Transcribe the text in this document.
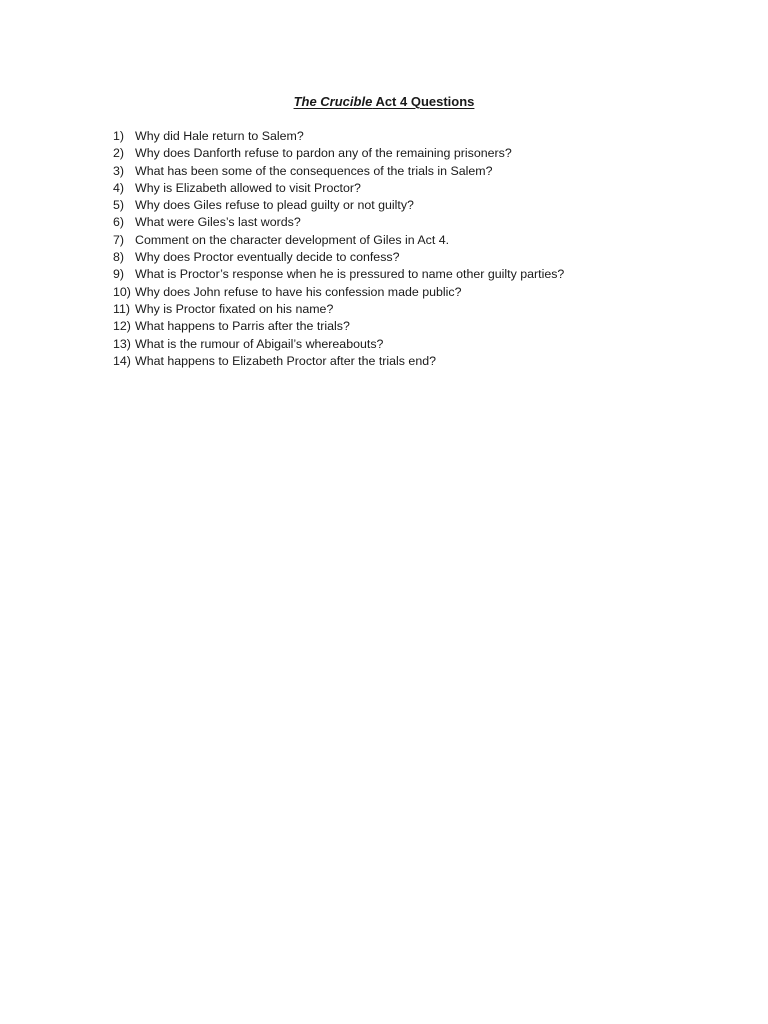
The Crucible Act 4 Questions
1) Why did Hale return to Salem?
2) Why does Danforth refuse to pardon any of the remaining prisoners?
3) What has been some of the consequences of the trials in Salem?
4) Why is Elizabeth allowed to visit Proctor?
5) Why does Giles refuse to plead guilty or not guilty?
6) What were Giles’s last words?
7) Comment on the character development of Giles in Act 4.
8) Why does Proctor eventually decide to confess?
9) What is Proctor’s response when he is pressured to name other guilty parties?
10) Why does John refuse to have his confession made public?
11) Why is Proctor fixated on his name?
12) What happens to Parris after the trials?
13) What is the rumour of Abigail’s whereabouts?
14) What happens to Elizabeth Proctor after the trials end?
